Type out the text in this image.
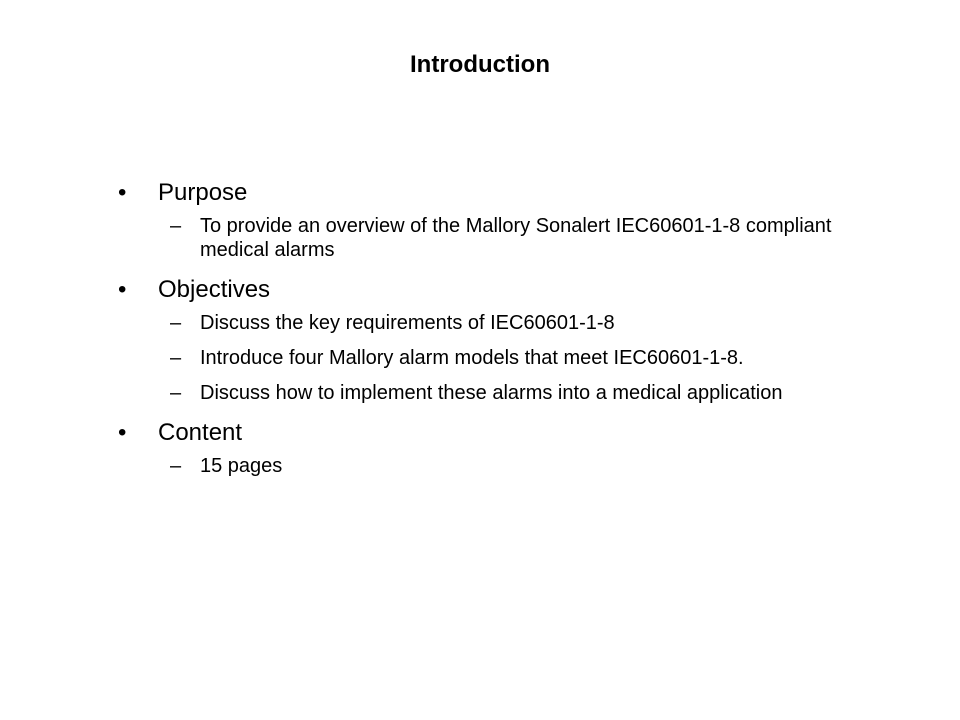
Introduction
•	Purpose
– To provide an overview of the Mallory Sonalert IEC60601-1-8 compliant medical alarms
•	Objectives
– Discuss the key requirements of IEC60601-1-8
– Introduce four Mallory alarm models that meet IEC60601-1-8.
– Discuss how to implement these alarms into a medical application
•	Content
– 15 pages
